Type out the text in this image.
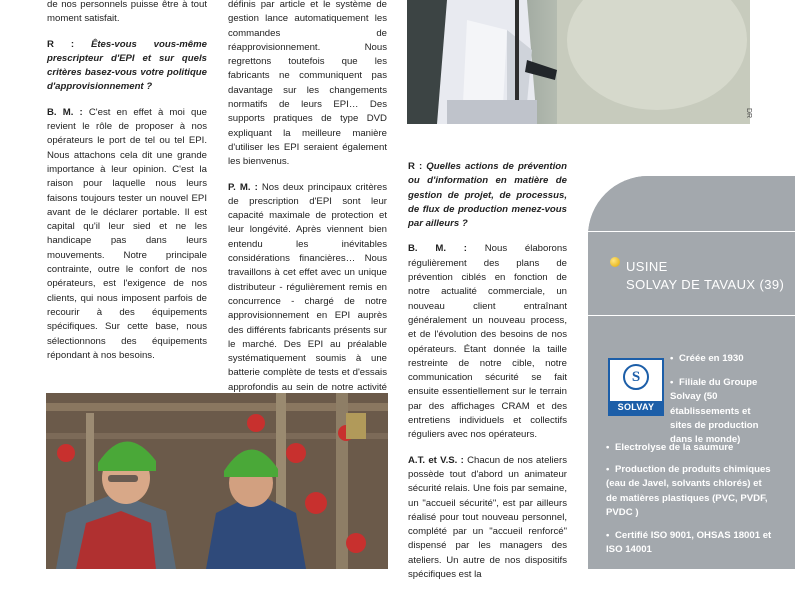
de nos personnels puisse être à tout moment satisfait.

R : Êtes-vous vous-même prescripteur d'EPI et sur quels critères basez-vous votre politique d'approvisionnement ?

B. M. : C'est en effet à moi que revient le rôle de proposer à nos opérateurs le port de tel ou tel EPI. Nous attachons cela dit une grande importance à leur opinion. C'est la raison pour laquelle nous leurs faisons toujours tester un nouvel EPI avant de le déclarer portable. Il est capital qu'il leur sied et ne les handicape pas dans leurs mouvements. Notre principale contrainte, outre le confort de nos opérateurs, est l'exigence de nos clients, qui nous imposent parfois de recourir à des équipements spécifiques. Sur cette base, nous sélectionnons des équipements répondant à nos besoins.

définis par article et le système de gestion lance automatiquement les commandes de réapprovisionnement. Nous regrettons toutefois que les fabricants ne communiquent pas davantage sur les changements normatifs de leurs EPI… Des supports pratiques de type DVD expliquant la meilleure manière d'utiliser les EPI seraient également les bienvenus.

P. M. : Nos deux principaux critères de prescription d'EPI sont leur capacité maximale de protection et leur longévité. Après viennent bien entendu les inévitables considérations financières… Nous travaillons à cet effet avec un unique distributeur - régulièrement remis en concurrence - chargé de notre approvisionnement en EPI auprès des différents fabricants présents sur le marché. Des EPI au préalable systématiquement soumis à une batterie complète de tests et d'essais approfondis au sein de notre activité

R : Quelles actions de prévention ou d'information en matière de gestion de projet, de processus, de flux de production menez-vous par ailleurs ?

B. M. : Nous élaborons régulièrement des plans de prévention ciblés en fonction de notre actualité commerciale, un nouveau client entraînant généralement un nouveau process, et de l'évolution des besoins de nos opérateurs. Étant donnée la taille restreinte de notre cible, notre communication sécurité se fait ensuite essentiellement sur le terrain par des affichages CRAM et des entretiens individuels et collectifs réguliers avec nos opérateurs.

A.T. et V.S. : Chacun de nos ateliers possède tout d'abord un animateur sécurité relais. Une fois par semaine, un "accueil sécurité", est par ailleurs réalisé pour tout nouveau personnel, complété par un "accueil renforcé" dispensé par les managers des ateliers. Un autre de nos dispositifs spécifiques est la

DR
USINE
SOLVAY DE TAVAUX (39)
S
SOLVAY
• Créée en 1930
• Filiale du Groupe Solvay (50 établissements et sites de production dans le monde)
• Electrolyse de la saumure
• Production de produits chimiques (eau de Javel, solvants chlorés) et de matières plastiques (PVC, PVDF, PVDC )
• Certifié ISO 9001, OHSAS 18001 et ISO 14001
